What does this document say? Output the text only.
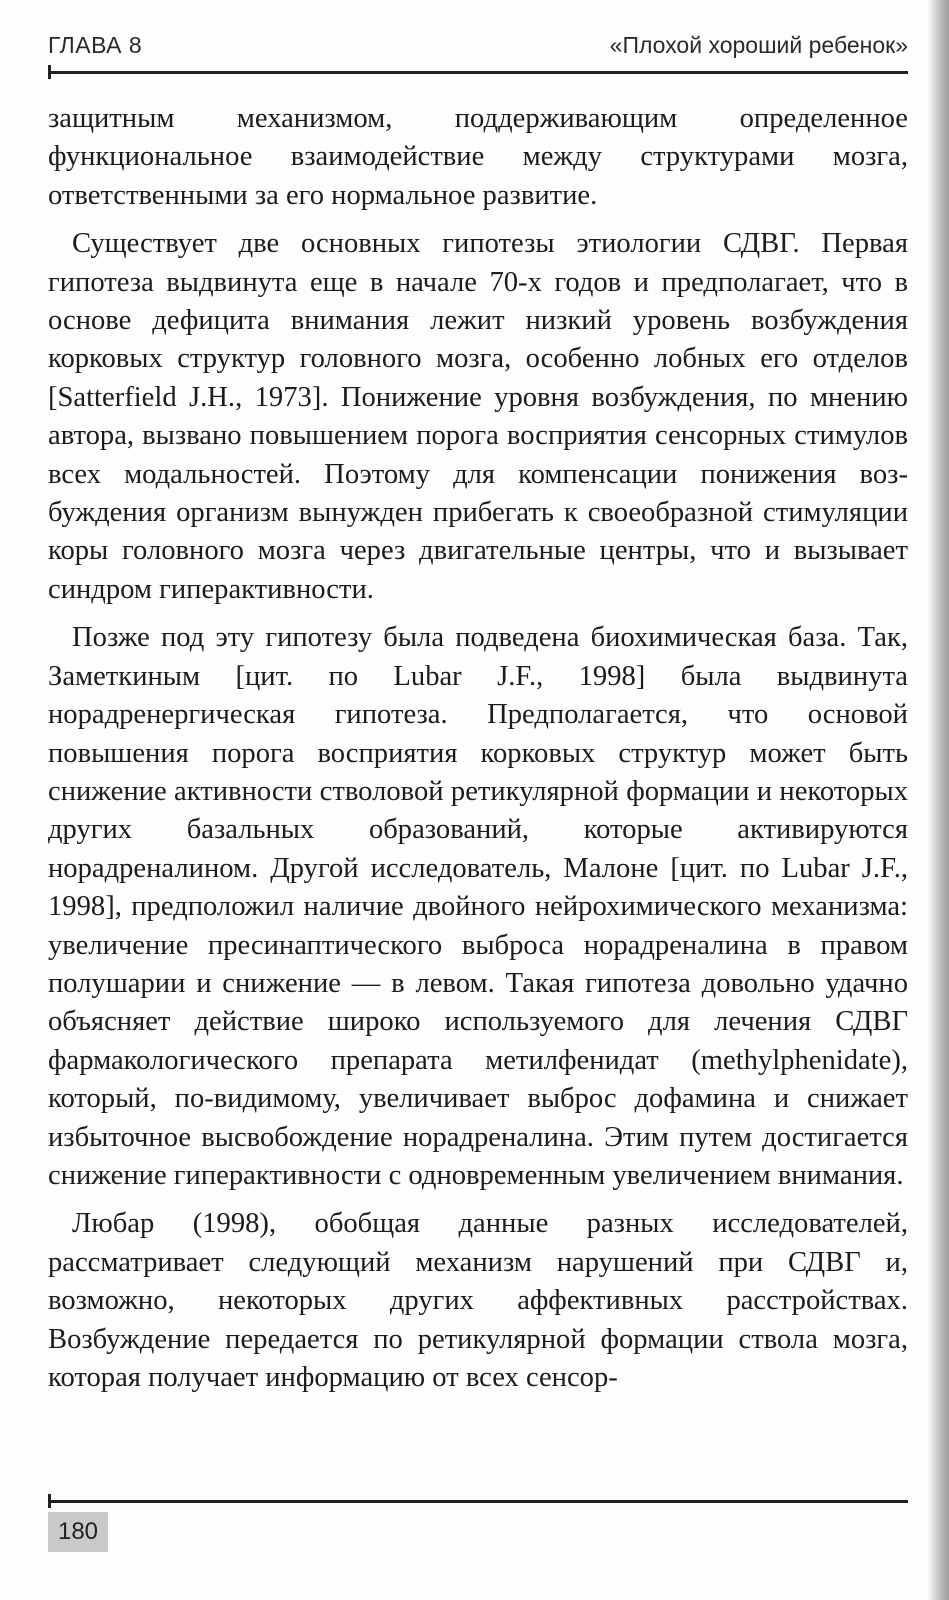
ГЛАВА 8	«Плохой хороший ребенок»

защитным механизмом, поддерживающим определенное функциональное взаимодействие между структурами мозга, ответственными за его нормальное развитие.

Существует две основных гипотезы этиологии СДВГ. Первая гипотеза выдвинута еще в начале 70-х годов и предполагает, что в основе дефицита внимания лежит низкий уровень возбуждения корковых структур головного мозга, особенно лобных его отделов [Satterfield J.H., 1973]. Понижение уровня возбуждения, по мнению автора, вызвано повышением порога восприятия сенсорных стимулов всех модальностей. Поэтому для компенсации понижения возбуждения организм вынужден прибегать к своеобразной стимуляции коры головного мозга через двигательные центры, что и вызывает синдром гиперактивности.

Позже под эту гипотезу была подведена биохимическая база. Так, Заметкиным [цит. по Lubar J.F., 1998] была выдвинута норадренергическая гипотеза. Предполагается, что основой повышения порога восприятия корковых структур может быть снижение активности стволовой ретикулярной формации и некоторых других базальных образований, которые активируются норадреналином. Другой исследователь, Малоне [цит. по Lubar J.F., 1998], предположил наличие двойного нейрохимического механизма: увеличение пресинаптического выброса норадреналина в правом полушарии и снижение — в левом. Такая гипотеза довольно удачно объясняет действие широко используемого для лечения СДВГ фармакологического препарата метилфенидат (methylphenidate), который, по-видимому, увеличивает выброс дофамина и снижает избыточное высвобождение норадреналина. Этим путем достигается снижение гиперактивности с одновременным увеличением внимания.

Любар (1998), обобщая данные разных исследователей, рассматривает следующий механизм нарушений при СДВГ и, возможно, некоторых других аффективных расстройствах. Возбуждение передается по ретикулярной формации ствола мозга, которая получает информацию от всех сенсор-

180
